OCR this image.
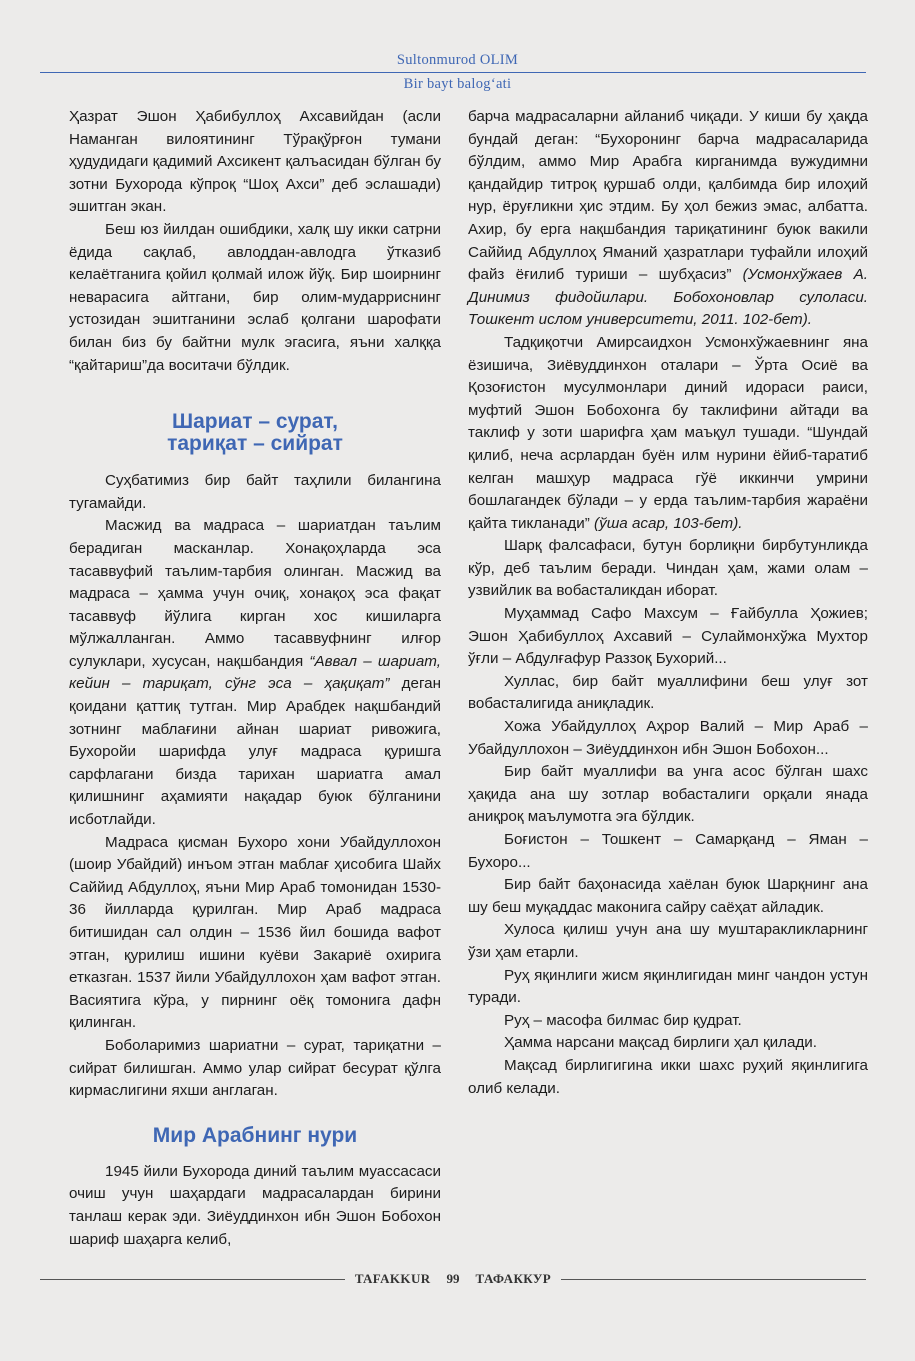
Sultonmurod OLIM
Bir bayt balog‘ati

Ҳазрат Эшон Ҳабибуллоҳ Ахсавийдан (асли Наманган вилоятининг Тўрақўрғон тумани ҳудудидаги қадимий Ахсикент қалъасидан бўлган бу зотни Бухорода кўпроқ “Шоҳ Ахси” деб эслашади) эшитган экан.

Беш юз йилдан ошибдики, халқ шу икки сатрни ёдида сақлаб, авлоддан-авлодга ўтказиб келаётганига қойил қолмай илож йўқ. Бир шоирнинг неварасига айтгани, бир олим-мударриснинг устозидан эшитганини эслаб қолгани шарофати билан биз бу байтни мулк эгасига, яъни халққа “қайтариш”да воситачи бўлдик.

Шариат – сурат,
тариқат – сийрат

Суҳбатимиз бир байт таҳлили билангина тугамайди.

Масжид ва мадраса – шариатдан таълим берадиган масканлар. Хонақоҳларда эса тасаввуфий таълим-тарбия олинган. Масжид ва мадраса – ҳамма учун очиқ, хонақоҳ эса фақат тасаввуф йўлига кирган хос кишиларга мўлжалланган. Аммо тасаввуфнинг илғор сулуклари, хусусан, нақшбандия “Аввал – шариат, кейин – тариқат, сўнг эса – ҳақиқат” деган қоидани қаттиқ тутган. Мир Арабдек нақшбандий зотнинг маблағини айнан шариат ривожига, Бухоройи шарифда улуғ мадраса қуришга сарфлагани бизда тарихан шариатга амал қилишнинг аҳамияти нақадар буюк бўлганини исботлайди.

Мадраса қисман Бухоро хони Убайдуллохон (шоир Убайдий) инъом этган маблағ ҳисобига Шайх Саййид Абдуллоҳ, яъни Мир Араб томонидан 1530-36 йилларда қурилган. Мир Араб мадраса битишидан сал олдин – 1536 йил бошида вафот этган, қурилиш ишини куёви Закариё охирига етказган. 1537 йили Убайдуллохон ҳам вафот этган. Васиятига кўра, у пирнинг оёқ томонига дафн қилинган.

Боболаримиз шариатни – сурат, тариқатни – сийрат билишган. Аммо улар сийрат бесурат қўлга кирмаслигини яхши англаган.

Мир Арабнинг нури

1945 йили Бухорода диний таълим муассасаси очиш учун шаҳардаги мадрасалардан бирини танлаш керак эди. Зиёуддинхон ибн Эшон Бобохон шариф шаҳарга келиб,

барча мадрасаларни айланиб чиқади. У киши бу ҳақда бундай деган: “Бухоронинг барча мадрасаларида бўлдим, аммо Мир Арабга кирганимда вужудимни қандайдир титроқ қуршаб олди, қалбимда бир илоҳий нур, ёруғликни ҳис этдим. Бу ҳол бежиз эмас, албатта. Ахир, бу ерга нақшбандия тариқатининг буюк вакили Саййид Абдуллоҳ Яманий ҳазратлари туфайли илоҳий файз ёғилиб туриши – шубҳасиз” (Усмонхўжаев А. Динимиз фидойилари. Бобохоновлар сулоласи. Тошкент ислом университети, 2011. 102-бет).

Тадқиқотчи Амирсаидхон Усмонхўжаевнинг яна ёзишича, Зиёвуддинхон оталари – Ўрта Осиё ва Қозоғистон мусулмонлари диний идораси раиси, муфтий Эшон Бобохонга бу таклифини айтади ва таклиф у зоти шарифга ҳам маъқул тушади. “Шундай қилиб, неча асрлардан буён илм нурини ёйиб-таратиб келган машҳур мадраса гўё иккинчи умрини бошлагандек бўлади – у ерда таълим-тарбия жараёни қайта тикланади” (ўша асар, 103-бет).

Шарқ фалсафаси, бутун борлиқни бирбутунликда кўр, деб таълим беради. Чиндан ҳам, жами олам – узвийлик ва вобасталикдан иборат.

Муҳаммад Сафо Махсум – Ғайбулла Ҳожиев; Эшон Ҳабибуллоҳ Ахсавий – Сулаймонхўжа Мухтор ўғли – Абдулғафур Раззоқ Бухорий...

Хуллас, бир байт муаллифини беш улуғ зот вобасталигида аниқладик.

Хожа Убайдуллоҳ Аҳрор Валий – Мир Араб – Убайдуллохон – Зиёуддинхон ибн Эшон Бобохон...

Бир байт муаллифи ва унга асос бўлган шахс ҳақида ана шу зотлар вобасталиги орқали янада аниқроқ маълумотга эга бўлдик.

Боғистон – Тошкент – Самарқанд – Яман – Бухоро...

Бир байт баҳонасида хаёлан буюк Шарқнинг ана шу беш муқаддас маконига сайру саёҳат айладик.

Хулоса қилиш учун ана шу муштаракликларнинг ўзи ҳам етарли.

Руҳ яқинлиги жисм яқинлигидан минг чандон устун туради.

Руҳ – масофа билмас бир қудрат.

Ҳамма нарсани мақсад бирлиги ҳал қилади.

Мақсад бирлигигина икки шахс руҳий яқинлигига олиб келади.

TAFAKKUR	99	ТАФАККУР
